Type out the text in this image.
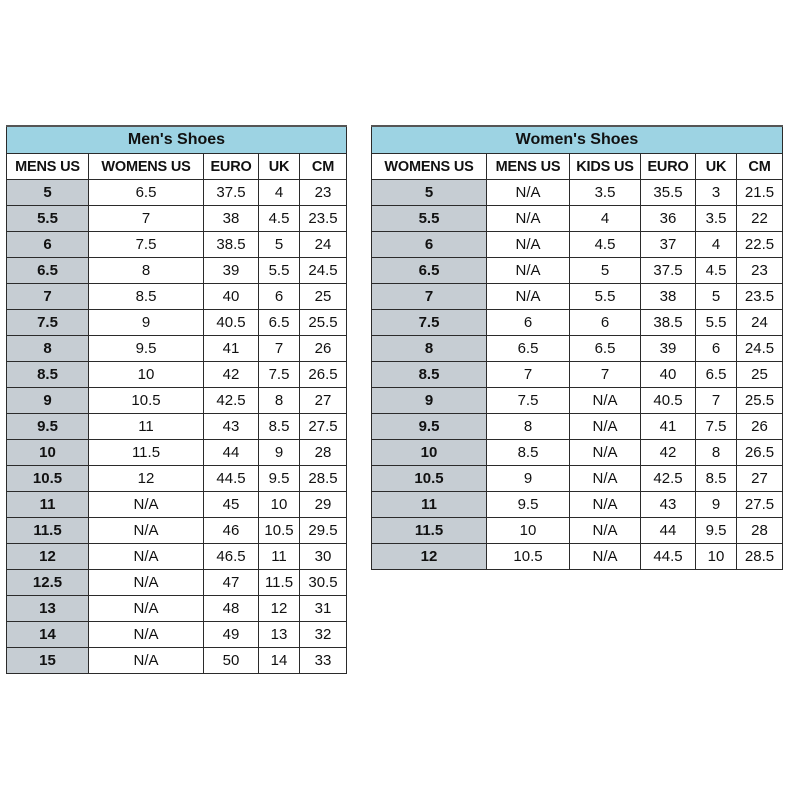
Men's Shoes				
MENS US	WOMENS US	EURO	UK	CM
5	6.5	37.5	4	23
5.5	7	38	4.5	23.5
6	7.5	38.5	5	24
6.5	8	39	5.5	24.5
7	8.5	40	6	25
7.5	9	40.5	6.5	25.5
8	9.5	41	7	26
8.5	10	42	7.5	26.5
9	10.5	42.5	8	27
9.5	11	43	8.5	27.5
10	11.5	44	9	28
10.5	12	44.5	9.5	28.5
11	N/A	45	10	29
11.5	N/A	46	10.5	29.5
12	N/A	46.5	11	30
12.5	N/A	47	11.5	30.5
13	N/A	48	12	31
14	N/A	49	13	32
15	N/A	50	14	33
Women's Shoes					
WOMENS US	MENS US	KIDS US	EURO	UK	CM
5	N/A	3.5	35.5	3	21.5
5.5	N/A	4	36	3.5	22
6	N/A	4.5	37	4	22.5
6.5	N/A	5	37.5	4.5	23
7	N/A	5.5	38	5	23.5
7.5	6	6	38.5	5.5	24
8	6.5	6.5	39	6	24.5
8.5	7	7	40	6.5	25
9	7.5	N/A	40.5	7	25.5
9.5	8	N/A	41	7.5	26
10	8.5	N/A	42	8	26.5
10.5	9	N/A	42.5	8.5	27
11	9.5	N/A	43	9	27.5
11.5	10	N/A	44	9.5	28
12	10.5	N/A	44.5	10	28.5
